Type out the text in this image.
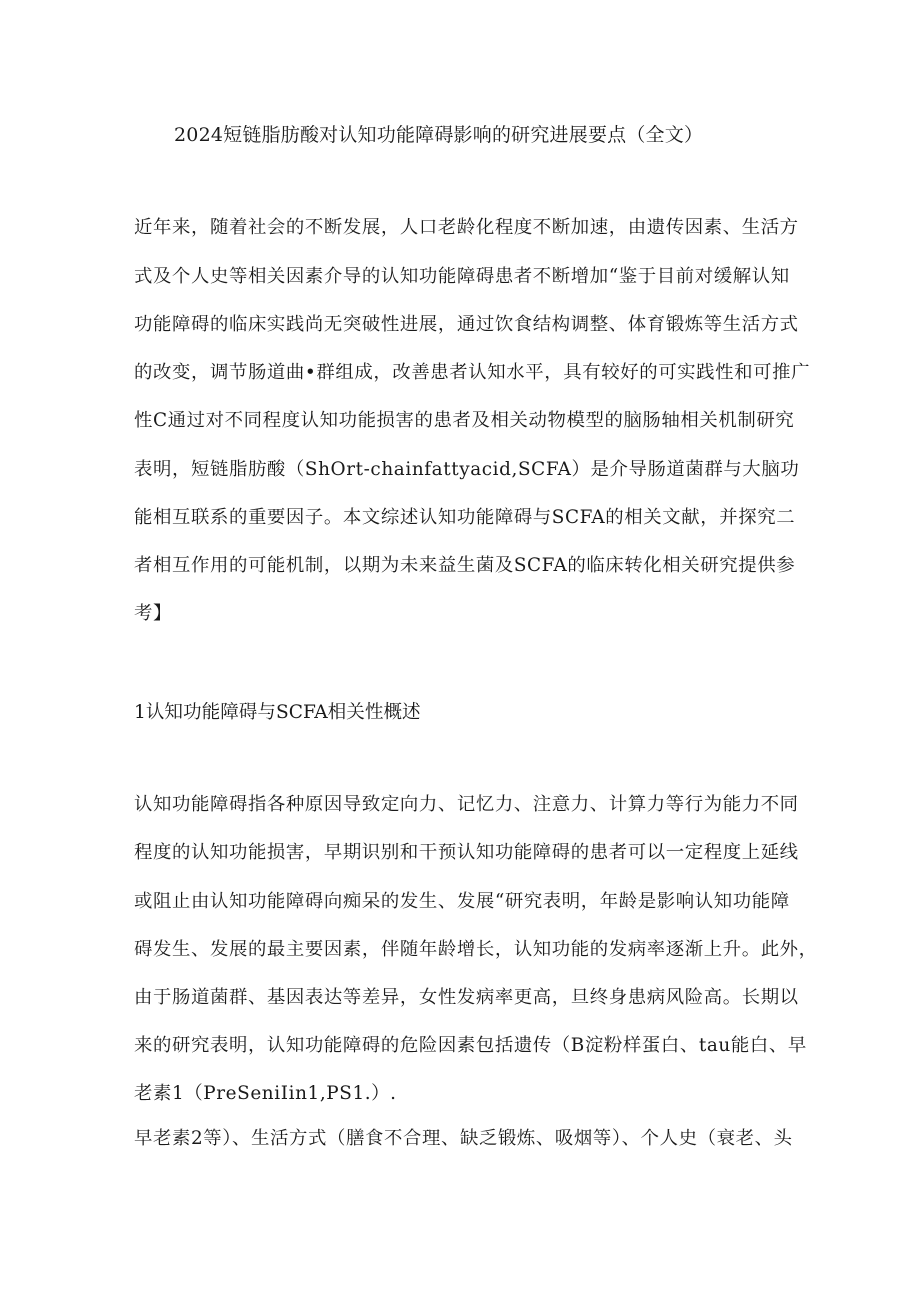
2024短链脂肪酸对认知功能障碍影响的研究进展要点（全文）
近年来，随着社会的不断发展，人口老龄化程度不断加速，由遗传因素、生活方
式及个人史等相关因素介导的认知功能障碍患者不断增加“鉴于目前对缓解认知
功能障碍的临床实践尚无突破性进展，通过饮食结构调整、体育锻炼等生活方式
的改变，调节肠道曲•群组成，改善患者认知水平，具有较好的可实践性和可推广
性C通过对不同程度认知功能损害的患者及相关动物模型的脑肠轴相关机制研究
表明，短链脂肪酸（ShOrt-chainfattyacid,SCFA）是介导肠道菌群与大脑功
能相互联系的重要因子。本文综述认知功能障碍与SCFA的相关文献，并探究二
者相互作用的可能机制，以期为未来益生菌及SCFA的临床转化相关研究提供参
考】
1认知功能障碍与SCFA相关性概述
认知功能障碍指各种原因导致定向力、记忆力、注意力、计算力等行为能力不同
程度的认知功能损害，早期识别和干预认知功能障碍的患者可以一定程度上延线
或阻止由认知功能障碍向痴呆的发生、发展“研究表明，年龄是影响认知功能障
碍发生、发展的最主要因素，伴随年龄增长，认知功能的发病率逐渐上升。此外，
由于肠道菌群、基因表达等差异，女性发病率更高，旦终身患病风险高。长期以
来的研究表明，认知功能障碍的危险因素包括遗传（B淀粉样蛋白、tau能白、早
老素1（PreSeniIin1,PS1.）.
早老素2等）、生活方式（膳食不合理、缺乏锻炼、吸烟等）、个人史（衰老、头
